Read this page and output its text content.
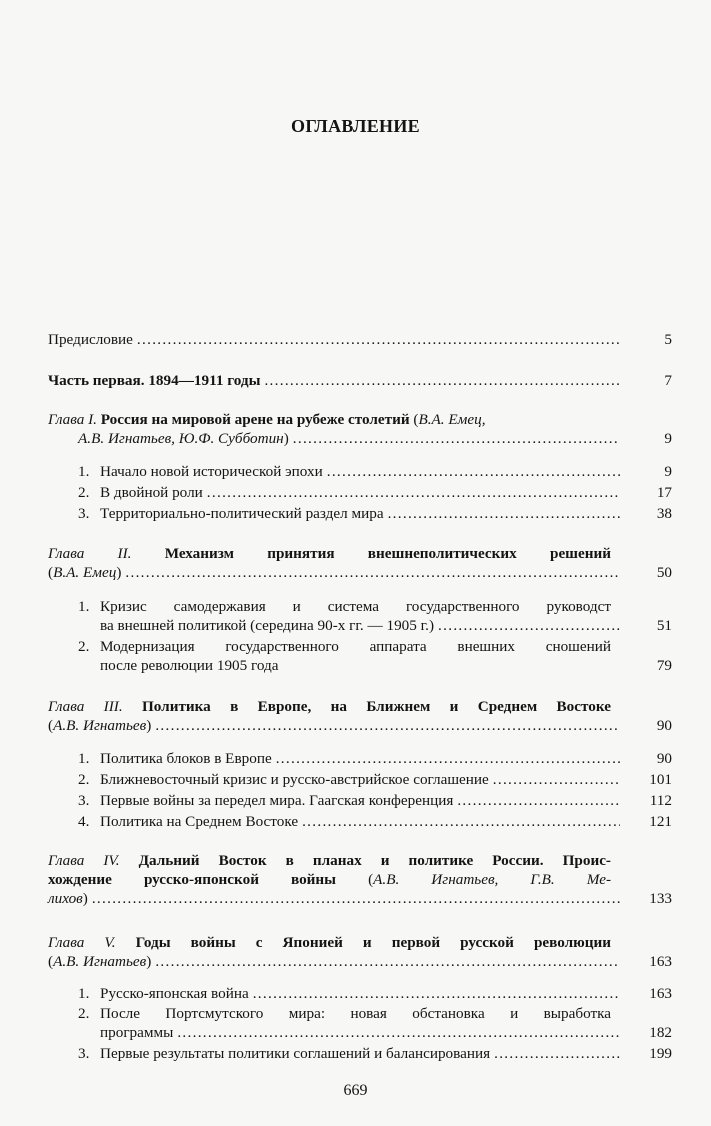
ОГЛАВЛЕНИЕ
Предисловие .....	5
Часть первая. 1894—1911 годы .....	7
Глава I. Россия на мировой арене на рубеже столетий (В.А. Емец,
А.В. Игнатьев, Ю.Ф. Субботин) .....	9
1. Начало новой исторической эпохи .....	9
2. В двойной роли .....	17
3. Территориально-политический раздел мира .....	38
Глава II. Механизм принятия внешнеполитических решений
(В.А. Емец) .....	50
1. Кризис самодержавия и система государственного руководст
ва внешней политикой (середина 90-х гг. — 1905 г.) .....	51
2. Модернизация государственного аппарата внешних сношений
после революции 1905 года	79
Глава III. Политика в Европе, на Ближнем и Среднем Востоке
(А.В. Игнатьев) .....	90
1. Политика блоков в Европе .....	90
2. Ближневосточный кризис и русско-австрийское соглашение .....	101
3. Первые войны за передел мира. Гаагская конференция .....	112
4. Политика на Среднем Востоке .....	121
Глава IV. Дальний Восток в планах и политике России. Проис-
хождение русско-японской войны (А.В. Игнатьев, Г.В. Ме-
лихов) .....	133
Глава V. Годы войны с Японией и первой русской революции
(А.В. Игнатьев) .....	163
1. Русско-японская война .....	163
2. После Портсмутского мира: новая обстановка и выработка
программы .....	182
3. Первые результаты политики соглашений и балансирования .....	199
669
